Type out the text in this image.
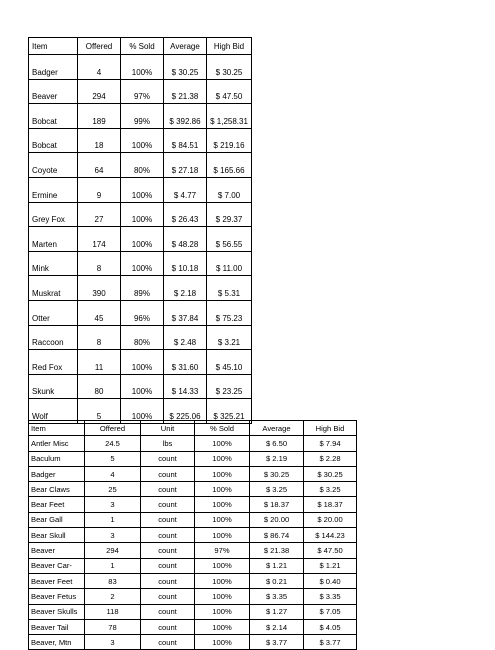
Item	Offered	% Sold	Average	High Bid
Badger	4	100%	$ 30.25	$ 30.25
Beaver	294	97%	$ 21.38	$ 47.50
Bobcat	189	99%	$ 392.86	$ 1,258.31
Bobcat	18	100%	$ 84.51	$ 219.16
Coyote	64	80%	$ 27.18	$ 165.66
Ermine	9	100%	$ 4.77	$ 7.00
Grey Fox	27	100%	$ 26.43	$ 29.37
Marten	174	100%	$ 48.28	$ 56.55
Mink	8	100%	$ 10.18	$ 11.00
Muskrat	390	89%	$ 2.18	$ 5.31
Otter	45	96%	$ 37.84	$ 75.23
Raccoon	8	80%	$ 2.48	$ 3.21
Red Fox	11	100%	$ 31.60	$ 45.10
Skunk	80	100%	$ 14.33	$ 23.25
Wolf	5	100%	$ 225.06	$ 325.21
Item	Offered	Unit	% Sold	Average	High Bid
Antler Misc	24.5	lbs	100%	$ 6.50	$ 7.94
Baculum	5	count	100%	$ 2.19	$ 2.28
Badger	4	count	100%	$ 30.25	$ 30.25
Bear Claws	25	count	100%	$ 3.25	$ 3.25
Bear Feet	3	count	100%	$ 18.37	$ 18.37
Bear Gall	1	count	100%	$ 20.00	$ 20.00
Bear Skull	3	count	100%	$ 86.74	$ 144.23
Beaver	294	count	97%	$ 21.38	$ 47.50
Beaver Car-	1	count	100%	$ 1.21	$ 1.21
Beaver Feet	83	count	100%	$ 0.21	$ 0.40
Beaver Fetus	2	count	100%	$ 3.35	$ 3.35
Beaver Skulls	118	count	100%	$ 1.27	$ 7.05
Beaver Tail	78	count	100%	$ 2.14	$ 4.05
Beaver, Mtn	3	count	100%	$ 3.77	$ 3.77
